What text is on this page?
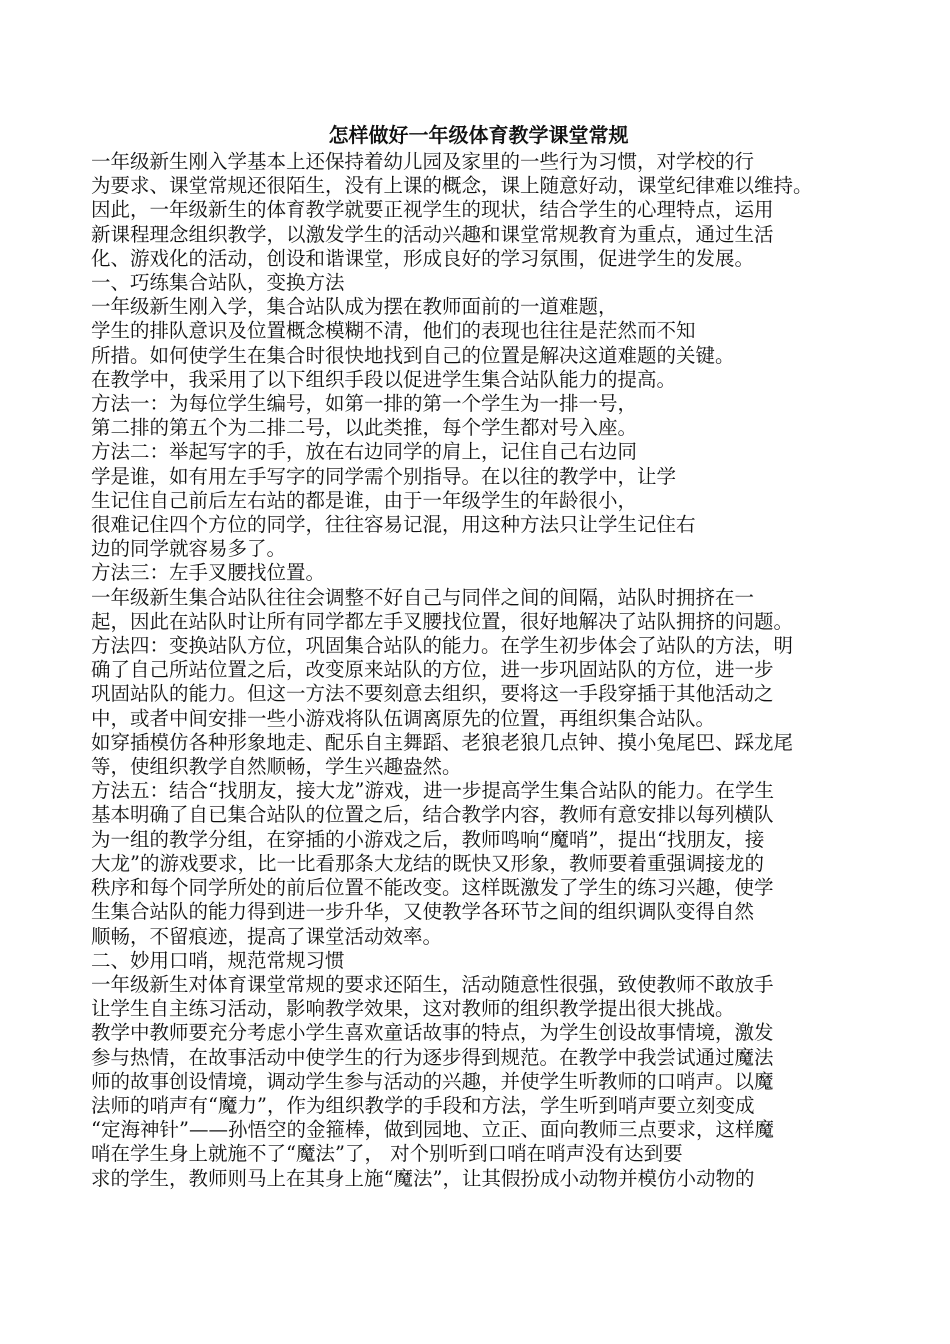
怎样做好一年级体育教学课堂常规
一年级新生刚入学基本上还保持着幼儿园及家里的一些行为习惯，对学校的行
为要求、课堂常规还很陌生，没有上课的概念，课上随意好动，课堂纪律难以维持。
因此，一年级新生的体育教学就要正视学生的现状，结合学生的心理特点，运用
新课程理念组织教学，以激发学生的活动兴趣和课堂常规教育为重点，通过生活
化、游戏化的活动，创设和谐课堂，形成良好的学习氛围，促进学生的发展。
一、巧练集合站队，变换方法
一年级新生刚入学，集合站队成为摆在教师面前的一道难题，
学生的排队意识及位置概念模糊不清，他们的表现也往往是茫然而不知
所措。如何使学生在集合时很快地找到自己的位置是解决这道难题的关键。
在教学中，我采用了以下组织手段以促进学生集合站队能力的提高。
方法一：为每位学生编号，如第一排的第一个学生为一排一号，
第二排的第五个为二排二号，以此类推，每个学生都对号入座。
方法二：举起写字的手，放在右边同学的肩上，记住自己右边同
学是谁，如有用左手写字的同学需个别指导。在以往的教学中，让学
生记住自己前后左右站的都是谁，由于一年级学生的年龄很小，
很难记住四个方位的同学，往往容易记混，用这种方法只让学生记住右
边的同学就容易多了。
方法三：左手叉腰找位置。
一年级新生集合站队往往会调整不好自己与同伴之间的间隔，站队时拥挤在一
起，因此在站队时让所有同学都左手叉腰找位置，很好地解决了站队拥挤的问题。
方法四：变换站队方位，巩固集合站队的能力。在学生初步体会了站队的方法，明
确了自己所站位置之后，改变原来站队的方位，进一步巩固站队的方位，进一步
巩固站队的能力。但这一方法不要刻意去组织，要将这一手段穿插于其他活动之
中，或者中间安排一些小游戏将队伍调离原先的位置，再组织集合站队。
如穿插模仿各种形象地走、配乐自主舞蹈、老狼老狼几点钟、摸小兔尾巴、踩龙尾
等，使组织教学自然顺畅，学生兴趣盎然。
方法五：结合“找朋友，接大龙”游戏，进一步提高学生集合站队的能力。在学生
基本明确了自已集合站队的位置之后，结合教学内容，教师有意安排以每列横队
为一组的教学分组，在穿插的小游戏之后，教师鸣响“魔哨”，提出“找朋友，接
大龙”的游戏要求，比一比看那条大龙结的既快又形象，教师要着重强调接龙的
秩序和每个同学所处的前后位置不能改变。这样既激发了学生的练习兴趣，使学
生集合站队的能力得到进一步升华，又使教学各环节之间的组织调队变得自然
顺畅，不留痕迹，提高了课堂活动效率。
二、妙用口哨，规范常规习惯
一年级新生对体育课堂常规的要求还陌生，活动随意性很强，致使教师不敢放手
让学生自主练习活动，影响教学效果，这对教师的组织教学提出很大挑战。
教学中教师要充分考虑小学生喜欢童话故事的特点，为学生创设故事情境，激发
参与热情，在故事活动中使学生的行为逐步得到规范。在教学中我尝试通过魔法
师的故事创设情境，调动学生参与活动的兴趣，并使学生听教师的口哨声。以魔
法师的哨声有“魔力”，作为组织教学的手段和方法，学生听到哨声要立刻变成
“定海神针”——孙悟空的金箍棒，做到园地、立正、面向教师三点要求，这样魔
哨在学生身上就施不了“魔法”了， 对个别听到口哨在哨声没有达到要
求的学生，教师则马上在其身上施“魔法”，让其假扮成小动物并模仿小动物的
